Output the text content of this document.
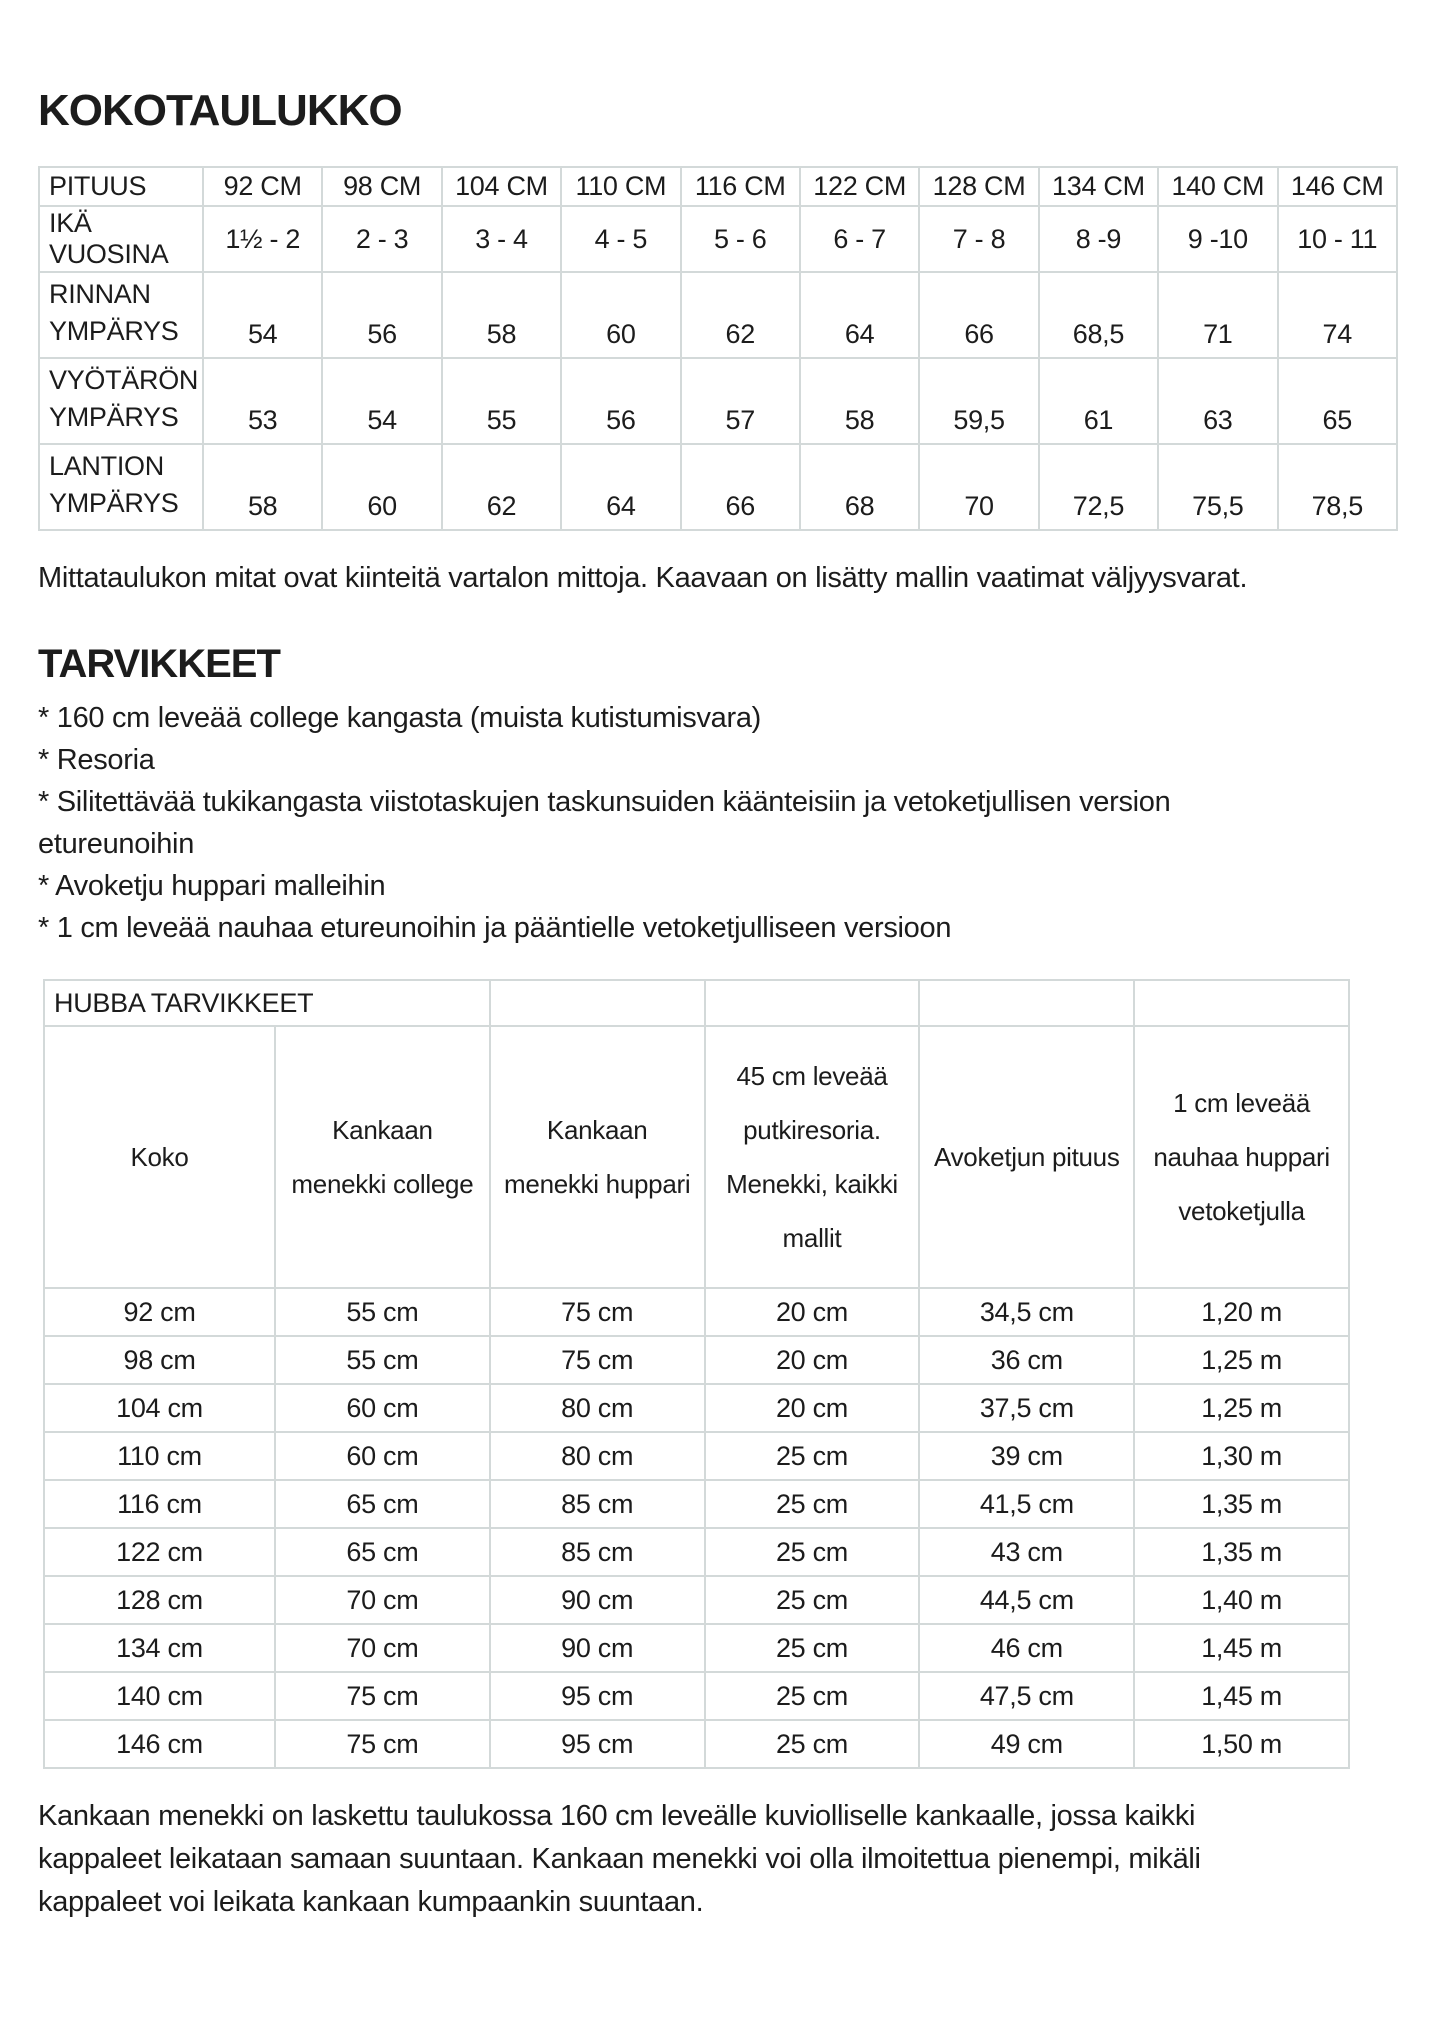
KOKOTAULUKKO
PITUUS	92 CM	98 CM	104 CM	110 CM	116 CM	122 CM	128 CM	134 CM	140 CM	146 CM

IKÄ VUOSINA	1½ - 2	2 - 3	3 - 4	4 - 5	5 - 6	6 - 7	7 - 8	8 -9	9 -10	10 - 11

RINNAN
YMPÄRYS	54	56	58	60	62	64	66	68,5	71	74

VYÖTÄRÖN
YMPÄRYS	53	54	55	56	57	58	59,5	61	63	65

LANTION
YMPÄRYS	58	60	62	64	66	68	70	72,5	75,5	78,5

Mittataulukon mitat ovat kiinteitä vartalon mittoja. Kaavaan on lisätty mallin vaatimat väljyysvarat.

TARVIKKEET
* 160 cm leveää college kangasta (muista kutistumisvara)
* Resoria
* Silitettävää tukikangasta viistotaskujen taskunsuiden käänteisiin ja vetoketjullisen version etureunoihin
* Avoketju huppari malleihin
* 1 cm leveää nauhaa etureunoihin ja pääntielle vetoketjulliseen versioon
HUBBA TARVIKKEET					
Koko	Kankaan menekki college	Kankaan menekki huppari	45 cm leveää putkiresoria. Menekki, kaikki mallit	Avoketjun pituus	1 cm leveää nauhaa huppari vetoketjulla
92 cm	55 cm	75 cm	20 cm	34,5 cm	1,20 m
98 cm	55 cm	75 cm	20 cm	36 cm	1,25 m
104 cm	60 cm	80 cm	20 cm	37,5 cm	1,25 m
110 cm	60 cm	80 cm	25 cm	39 cm	1,30 m
116 cm	65 cm	85 cm	25 cm	41,5 cm	1,35 m
122 cm	65 cm	85 cm	25 cm	43 cm	1,35 m
128 cm	70 cm	90 cm	25 cm	44,5 cm	1,40 m
134 cm	70 cm	90 cm	25 cm	46 cm	1,45 m
140 cm	75 cm	95 cm	25 cm	47,5 cm	1,45 m
146 cm	75 cm	95 cm	25 cm	49 cm	1,50 m

Kankaan menekki on laskettu taulukossa 160 cm leveälle kuviolliselle kankaalle, jossa kaikki kappaleet leikataan samaan suuntaan. Kankaan menekki voi olla ilmoitettua pienempi, mikäli kappaleet voi leikata kankaan kumpaankin suuntaan.
